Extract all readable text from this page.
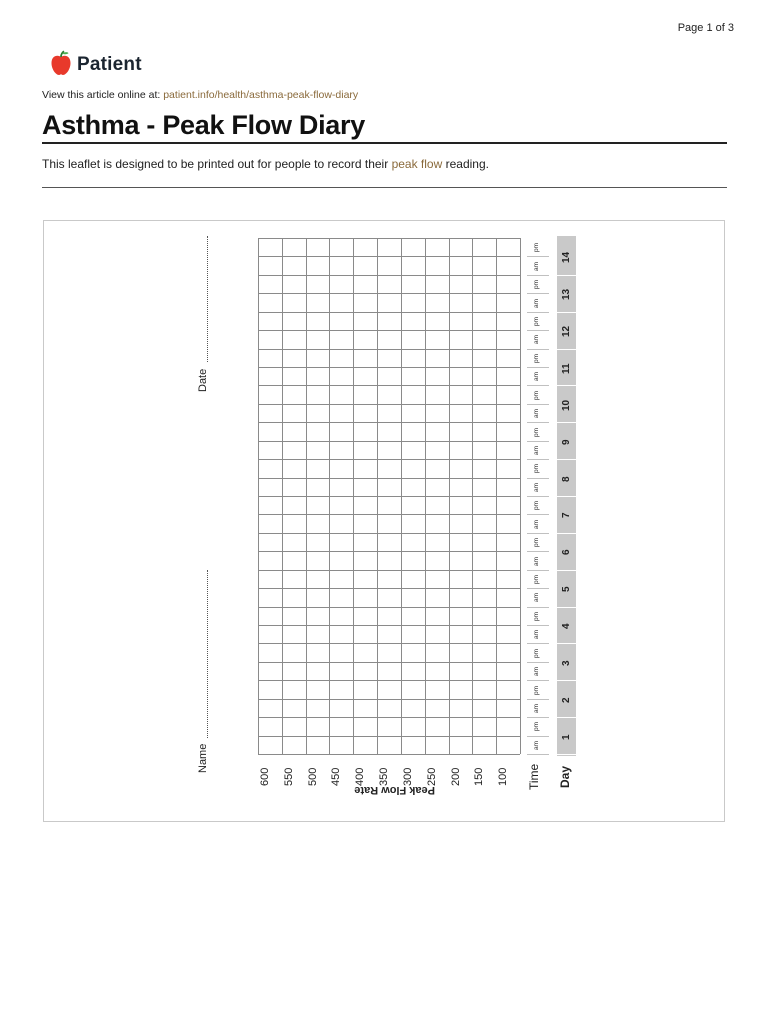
Page 1 of 3
Patient
View this article online at: patient.info/health/asthma-peak-flow-diary
Asthma - Peak Flow Diary
This leaflet is designed to be printed out for people to record their peak flow reading.
Name
Date
600 550 500 450 400 350 300 250 200 150 100
Peak Flow Rate
am
pm
am
pm
am
pm
am
pm
am
pm
am
pm
am
pm
am
pm
am
pm
am
pm
am
pm
am
pm
am
pm
am
pm
Time
1
2
3
4
5
6
7
8
9
10
11
12
13
14
Day
